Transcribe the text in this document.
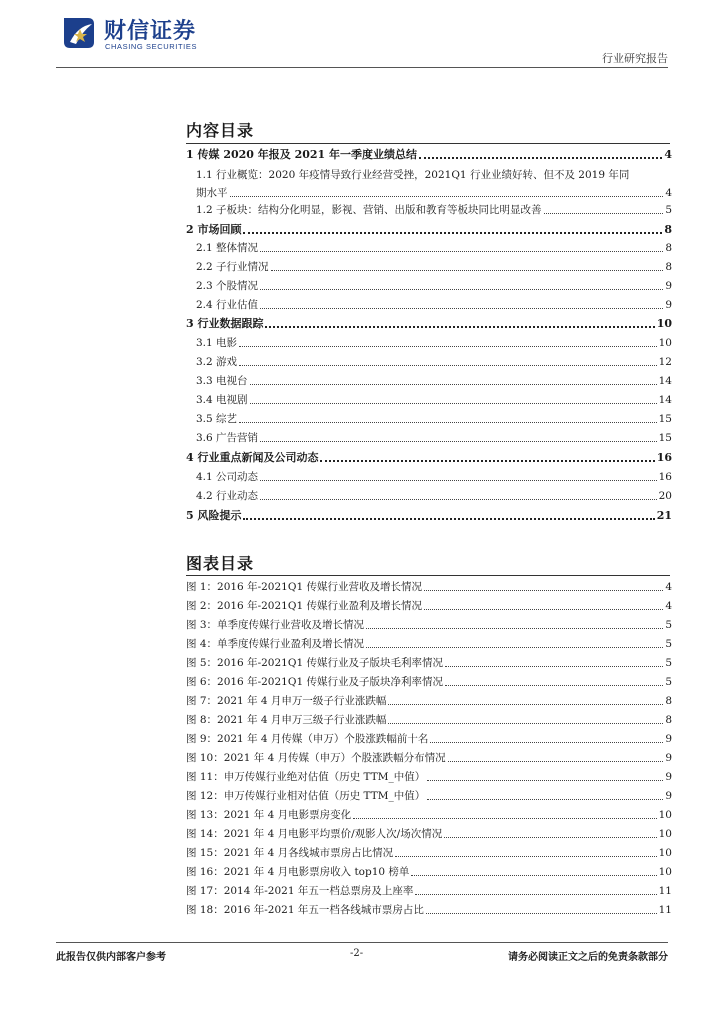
财信证券
CHASING SECURITIES
行业研究报告
内容目录
1 传媒 2020 年报及 2021 年一季度业绩总结	4
1.1 行业概览：2020 年疫情导致行业经营受挫，2021Q1 行业业绩好转、但不及 2019 年同
期水平	4
1.2 子板块：结构分化明显，影视、营销、出版和教育等板块同比明显改善	5
2 市场回顾	8
2.1 整体情况	8
2.2 子行业情况	8
2.3 个股情况	9
2.4 行业估值	9
3 行业数据跟踪	10
3.1 电影	10
3.2 游戏	12
3.3 电视台	14
3.4 电视剧	14
3.5 综艺	15
3.6 广告营销	15
4 行业重点新闻及公司动态	16
4.1 公司动态	16
4.2 行业动态	20
5 风险提示	21
图表目录
图 1：2016 年-2021Q1 传媒行业营收及增长情况	4
图 2：2016 年-2021Q1 传媒行业盈利及增长情况	4
图 3：单季度传媒行业营收及增长情况	5
图 4：单季度传媒行业盈利及增长情况	5
图 5：2016 年-2021Q1 传媒行业及子版块毛利率情况	5
图 6：2016 年-2021Q1 传媒行业及子版块净利率情况	5
图 7：2021 年 4 月申万一级子行业涨跌幅	8
图 8：2021 年 4 月申万三级子行业涨跌幅	8
图 9：2021 年 4 月传媒（申万）个股涨跌幅前十名	9
图 10：2021 年 4 月传媒（申万）个股涨跌幅分布情况	9
图 11：申万传媒行业绝对估值（历史 TTM_中值）	9
图 12：申万传媒行业相对估值（历史 TTM_中值）	9
图 13：2021 年 4 月电影票房变化	10
图 14：2021 年 4 月电影平均票价/观影人次/场次情况	10
图 15：2021 年 4 月各线城市票房占比情况	10
图 16：2021 年 4 月电影票房收入 top10 榜单	10
图 17：2014 年-2021 年五一档总票房及上座率	11
图 18：2016 年-2021 年五一档各线城市票房占比	11
此报告仅供内部客户参考	-2-	请务必阅读正文之后的免责条款部分
